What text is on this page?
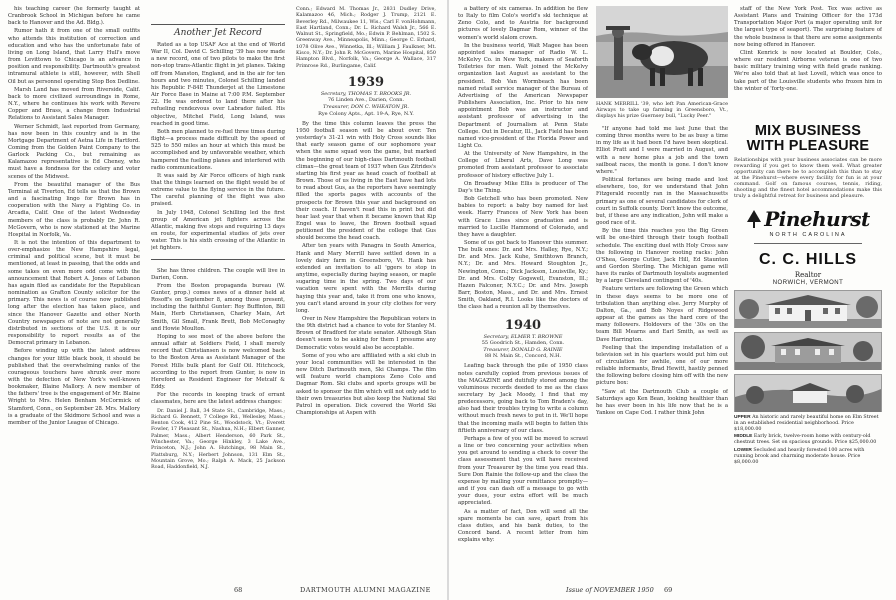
his teaching career (he formerly taught at Cranbrook School in Michigan before he came back to Hanover and the Ad. Bldg.).

Rumor hath it from one of the small outfits who attends this institution of correction and education and who has the unfortunate fate of living on Long Island, that Larry Hull's move from Levittown to Chicago is an advance in position and responsibility. Dartmouth's greatest intramural athlete is still, however, with Shell Oil but as personnel operating Stop Box Dedline.

Marsh Land has moved from Riverside, Calif. back to more civilized surroundings in Rome, N.Y., where he continues his work with Revere Copper and Brass, a change from Industrial Relations to Assistant Sales Manager.

Werner Schmidt, last reported from Germany, has now been in this country and is in the Mortgage Department of Aetna Life in Hartford. Coming from the Golden Paint Company to the Garlock Packing Co., but remaining as Kalamazoo representative is Ed Cheney, who must have a fondness for the celery and voter scenes of the Midwest.

From the beautiful manager of the Bus Terminal at Tiverton, Ed tells us that the Brown and a fascinating lingo for Brown has in cooperation with the Navy a Fighting Co. in Arcadia, Calif. One of the latest Wednesday members of the class is probably Dr. John R. McGovern, who is now stationed at the Marine Hospital in Norfolk, Va.

It is not the intention of this department to over-emphasize the New Hampshire legal, criminal and political scene, but it must be mentioned, at least in passing, that the odds and some takes on even more odd come with the announcement that Robert A. Jones of Lebanon has again filed as candidate for the Republican nomination as Grafton County solicitor for the primary. This news is of course now published long after the election has taken place, and since the Hanover Gazette and other North Country newspapers of note are not generally distributed in sections of the U.S. it is our responsibility to report results as of the Democrat primary in Lebanon.

Before winding up with the latest address changes for your little black book, it should be published that the overwhelming ranks of the courageous touchers have shrunk over more with the defection of New York's well-known bookmaker, Blaine Mallory. A new member of the fathers' tree is the engagement of Mr. Blaine Wright to Mrs. Helen Benham McCormick of Stamford, Conn., on September 28. Mrs. Mallory is a graduate of the Skidmore School and was a member of the Junior League of Chicago.

Another Jet Record

Rated as a top USAF Ace at the end of World War II, Col. David C. Schilling '39 has now made a new record, one of two pilots to make the first non-stop trans-Atlantic flight in jet planes. Taking off from Manston, England, and in the air for ten hours and two minutes, Colonel Schilling landed his Republic F-84E Thunderjet at the Limestone Air Force Base in Maine at 7:00 P.M. September 22. He was ordered to land there after his refueling rendezvous over Labrador failed. His objective, Mitchel Field, Long Island, was reached in good time.

Both men planned to re-fuel three times during flight—a process made difficult by the speed of 525 to 550 miles an hour at which this must be accomplished and by unfavorable weather, which hampered the fuelling planes and interfered with radio communications.

It was said by Air Force officers of high rank that the things learned on the flight would be of extreme value to the flying service in the future. The careful planning of the flight was also praised.

In July 1948, Colonel Schilling led the first group of American jet fighters across the Atlantic, making five stops and requiring 13 days en route, for experimental studies of jets over water. This is his sixth crossing of the Atlantic in jet fighters.

She has three children. The couple will live in Darien, Conn.

From the Boston propaganda bureau (W. Gunter, prop.) comes news of a dinner held at Rosoff's on September 8, among those present, including the faithful Gunter: Roy Buffinton, Bill Main, Herb Christiansen, Charley Main, Art Smith, Gil Small, Frank Brett, Bob McConaghy and Howie Moulton.

Hoping to see most of the above before the annual affair at Soldiers Field, I shall merely record that Christiansen is now welcomed back to the Boston Area as Assistant Manager of the Forest Hills bulk plant for Gulf Oil. Hitchcock, according to the report from Gunter, is now in Hereford as Resident Engineer for Metcalf & Eddy.

For the records in keeping track of errant classmates, here are the latest address changes:

Dr. Daniel J. Ball, 34 State St., Cambridge, Mass.; Richard G. Bennett, 7 College Rd., Wellesley, Mass.; Benton Cook, 412 Pine St., Woodstock, Vt.; Everett Fowler, 17 Pleasant St., Nashua, N.H.; Elbert Ganner, Palmer, Mass.; Albert Henderson, 60 Park St., Winchester, Va.; George Hinkley, 3 Lake Ave., Princeton, N.J.; John A. Hutchings, 98 Main St., Plattsburg, N.Y.; Herbert Johnson, 131 Elm St., Mountain Grove, Mo.; Ralph A. Mack, 25 Jackson Road, Haddonfield, N.J.

Conn.; Edward M. Thomas Jr., 2831 Dudley Drive, Kalamazoo 46, Mich.; Rodger J. Trump, 2121 E. Beverley Rd., Milwaukee 11, Wis.; Carl F. vonHohmann, East Hartland, Conn.; Dr. L. Richard Walsh Jr., 566 E. Walnut St., Springfield, Mo.; Edwin P. Behlman, 1502 S. Greenway Ave., Minneapolis, Minn.; George C. Erhard, 1078 Olive Ave., Winnetka, Ill.; William J. Faulkner, Mt. Kisco, N.Y.; Dr. John R. McGovern, Marine Hospital, 850 Hampton Blvd., Norfolk, Va.; George A. Wallace, 317 Primrose Rd., Burlingame, Calif.

1939
Secretary, THOMAS T. BROOKS JR.
76 Linden Ave., Darien, Conn.
Treasurer, DON C. WHEATON JR.
Rye Colony Apts., Apt. 19-A, Rye, N.Y.

By the time this column leaves the press the 1950 football season will be about over. Ten yesterday's 31-21 win with Holy Cross sounds like that early season game of our sophomore year when the same squad won the game, but marked the beginning of our high-class Dartmouth football climax—the great team of 1937 when Gus Zitrides's starting his first year as head coach of football at Brown. Those of us living in the East have had lots to read about Gus, as the reporters have seemingly filled the sports pages with accounts of the prospects for Brown this year and background on their coach. If haven't read this in print but did hear last year that when it became known that Kip Engel was to leave, the Brown football squad petitioned the president of the college that Gus should become the head coach.

After ten years with Panagra in South America, Hank and Mary Merrill have settled down in a lovely dairy farm in Greensboro, Vt. Hank has extended an invitation to all 'ggers to stop in anytime, especially during haying season, or maple sugaring time in the spring. Two days of our vacation were spent with the Merrills during haying this year and, take it from one who knows, you can't stand around in your city clothes for very long.

Over in New Hampshire the Republican voters in the 9th district had a chance to vote for Stanley M. Brown of Bradford for state senator. Although Stan doesn't seem to be asking for them I presume any Democratic votes would also be acceptable.

Some of you who are affiliated with a ski club in your local communities will be interested in the new Ditch Dartmouth men, Ski Champs. The film will feature world champions Zeno Colo and Dagmar Rom. Ski clubs and sports groups will be asked to sponsor the film which will not only add to their own treasuries but also keep the National Ski Patrol in operation. Dick covered the World Ski Championships at Aspen with

68	DARTMOUTH ALUMNI MAGAZINE

a battery of six cameras. In addition he flew to Italy to film Colo's world's ski technique at Zeno Colo, and to Austria for background pictures of lovely Dagmar Rom, winner of the women's world slalom crown.

In the business world, Walt Magee has been appointed sales manager of Radio W. L. McKelvy Co. in New York, makers of Seaforth Toiletries for men. Walt joined the McKelvy organization last August as assistant to the president. Bob Van Wormbeach has been named retail service manager of the Bureau of Advertising of the American Newspaper Publishers Association, Inc. Prior to his new appointment Bob was an instructor and assistant professor of advertising in the Department of Journalism at Penn State College. Out in Decatur, Ill., Jack Field has been named vice-president of the Florida Power and Light Co.

At the University of New Hampshire, in the College of Liberal Arts, Dave Long was promoted from assistant professor to associate professor of history effective July 1.

On Broadway Mike Ellis is producer of The Day's the Thing.

Bob Getchell who has been promoted. New babies to report: a baby boy named for last week. Harry Frances of New York has been with Grace Lines since graduation and is married to Lucille Hammond of Colorado, and they have a daughter.

Some of us got back to Hanover this summer. The bulk ones: Dr. and Mrs. Halley, Rye, N.Y.; Dr. and Mrs. Jack Kuhe, Smithtown Branch, N.Y.; Dr. and Mrs. Howard Stoughton Jr., Newington, Conn.; Dick Jackson, Louisville, Ky.; Dr. and Mrs. Colby Gogswell, Evanston, Ill.; Hazen Falconer, N.Y.C.; Dr. and Mrs. Joseph Barr, Boston, Mass., and Dr. and Mrs. Ernest Smith, Oakland, R.I. Looks like the doctors of the class had a reunion all by themselves.

1940
Secretary, ELMER T. BROWNE
55 Goodrich St., Hamden, Conn.
Treasurer, DONALD G. RAINIE
88 N. Main St., Concord, N.H.

Leafing back through the pile of 1950 class notes carefully copied from previous issues of the MAGAZINE and dutifully stored among the voluminous records deeded to me as the class secretary by Jack Moody, I find that my predecessors, going back to Tom Braden's day, also had their troubles trying to write a column without much fresh news to put in it. We'll hope that the incoming mails will begin to fatten this fiftieth anniversary of our class.

Perhaps a few of you will be moved to scrawl a line or two concerning your activities when you get around to sending a check to cover the class assessment that you will have received from your Treasurer by the time you read this. Sure Don Rainie the follow-up and the class the expense by mailing your remittance promptly—and if you can dash off a message to go with your dues, your extra effort will be much appreciated.

As a matter of fact, Don will send all the spare moments he can save, apart from his class duties, and his bank duties, to the Concord band. A recent letter from him explains why:

HANK MERRILL '39, who left Pan American-Grace Airways to take up farming in Greensboro, Vt., displays his prize Guernsey bull, "Lucky Peer."

"If anyone had told me last June that the coming three months were to be as busy a time in my life as it had been I'd have been skeptical. Elliot Pratt and I were married in August, and with a new home plus a job and the town sailboat races, the month is gone. I don't know where."

Political fortunes are being made and lost elsewhere, too, for we understand that John Fitzgerald recently ran in the Massachusetts primary as one of several candidates for clerk of court in Suffolk county. Don't know the outcome, but, if these are any indication, John will make a good race of it.

By the time this reaches you the Big Green will be one-third through their tough football schedule. The exciting duel with Holy Cross saw the following in Hanover rooting racks: John O'Shea, George Cutler, Jack Hill, Ed Staunton and Gordon Sterling. The Michigan game will have its ranks of Dartmouth loyalists augmented by a large Cleveland contingent of '40s.

Feature writers are following the Green which in these days seems to be more one of tribulation than anything else. Jerry Murphy of Dalton, Ga., and Bob Noyes of Ridgewood appear at the games as the hard core of the many followers. Holdovers of the '30s on the team Bill Mearns and Earl Smith, as well as Dave Harrington.

Feeling that the impending installation of a television set in his quarters would put him out of circulation for awhile, one of our more reliable informants, Brad Hewitt, hastily penned the following before closing him off with the new picture box:

"Saw at the Dartmouth Club a couple of Saturdays ago Ken Bean, looking healthier than he has ever been in his life now that he is a Yankee on Cape Cod. I rather think John

staff of the New York Post. Tex was active as Assistant Plans and Training Officer for the 173d Transportation Major Port (a major operating unit for the largest type of seaport). The surprising feature of the whole business is that there are some assignments now being offered in Hanover.

Clint Kenrick is now located at Boulder, Colo., where our resident Airborne veteran is one of two basic military training wing with field grade ranking. We're also told that at last Lovell, which was once to take part of the Louisville students who frozen him in the winter of 'forty-one.

MIX BUSINESS WITH PLEASURE
Relationships with your business associates can be more rewarding if you get to know them well. What greater opportunity can there be to accomplish this than to stay at the Pinehurst—where every facility for fun is at your command. Golf on famous courses, tennis, riding, shooting and the finest hotel accommodations make this truly a delightful retreat for business and pleasure.
Pinehurst
NORTH CAROLINA
C. C. HILLS
Realtor
NORWICH, VERMONT
UPPER An historic and rarely beautiful home on Elm Street in an established residential neighborhood. Price $18,000.00
MIDDLE Early brick, twelve-room home with century-old chestnut trees. Set on spacious grounds. Price $25,000.00
LOWER Secluded and heavily forested 100 acres with running brook and charming moderate house. Price $8,000.00
Issue of NOVEMBER 1950 69
